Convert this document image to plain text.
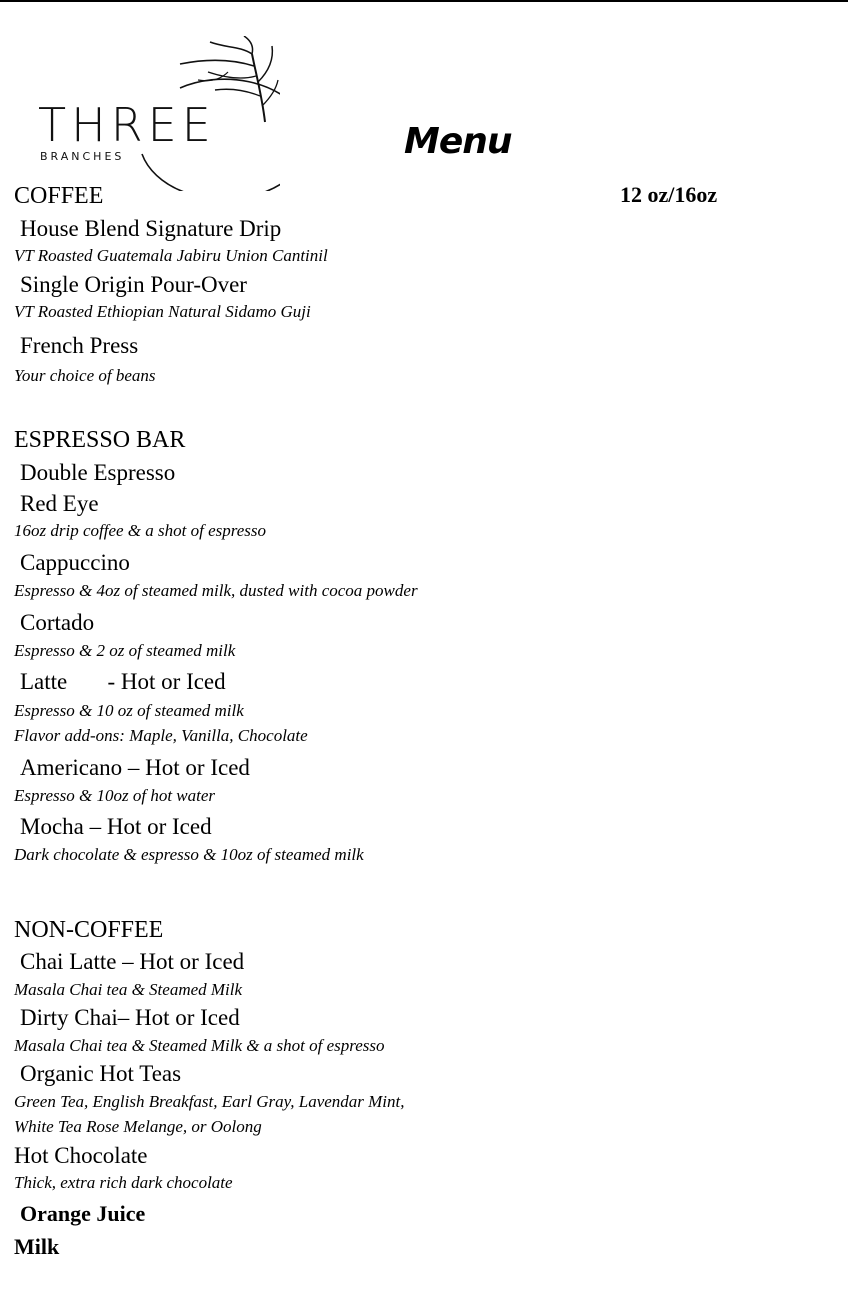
THREE
BRANCHES	Menu
12 oz/16oz
COFFEE
House Blend Signature Drip
VT Roasted Guatemala Jabiru Union Cantinil
Single Origin Pour-Over
VT Roasted Ethiopian Natural Sidamo Guji
French Press
Your choice of beans
ESPRESSO BAR
Double Espresso
Red Eye
16oz drip coffee & a shot of espresso
Cappuccino
Espresso & 4oz of steamed milk, dusted with cocoa powder
Cortado
Espresso & 2 oz of steamed milk
Latte       - Hot or Iced
Espresso & 10 oz of steamed milk
Flavor add-ons: Maple, Vanilla, Chocolate
Americano – Hot or Iced
Espresso & 10oz of hot water
Mocha – Hot or Iced
Dark chocolate & espresso & 10oz of steamed milk
NON-COFFEE
Chai Latte – Hot or Iced
Masala Chai tea & Steamed Milk
Dirty Chai– Hot or Iced
Masala Chai tea & Steamed Milk & a shot of espresso
Organic Hot Teas
Green Tea, English Breakfast, Earl Gray, Lavendar Mint,
White Tea Rose Melange, or Oolong
Hot Chocolate
Thick, extra rich dark chocolate
Orange Juice
Milk
